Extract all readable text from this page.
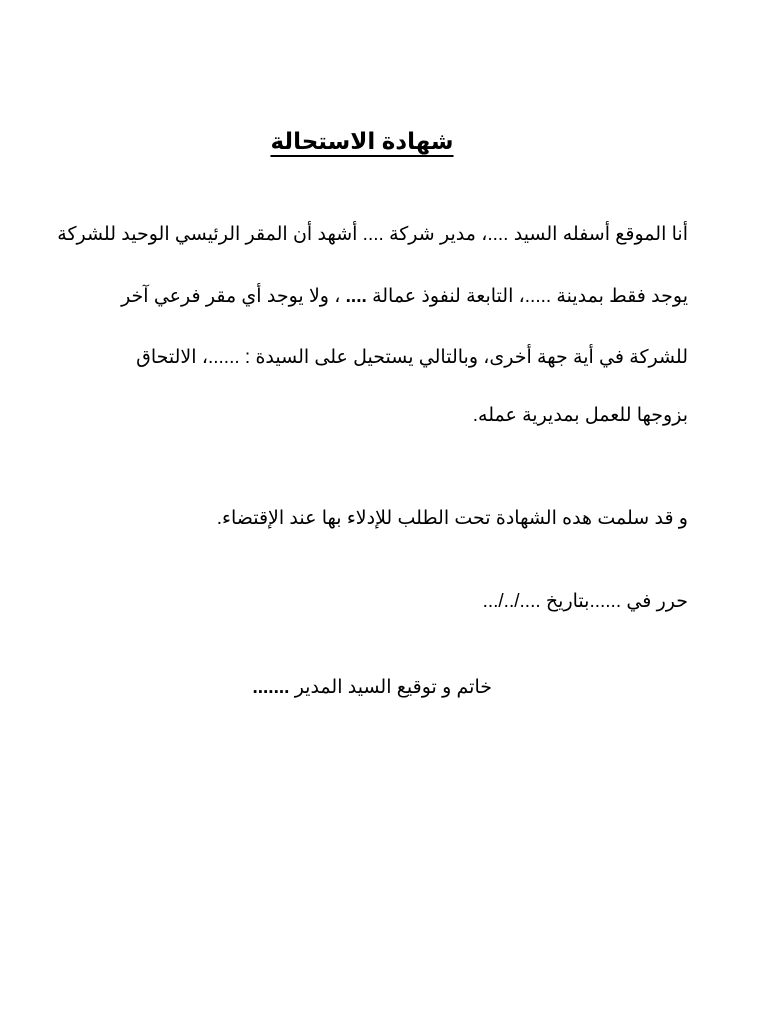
شهادة الاستحالة

أنا الموقع أسفله السيد ....، مدير شركة .... أشهد أن المقر الرئيسي الوحيد للشركة

يوجد فقط بمدينة .....، التابعة لنفوذ عمالة .... ، ولا يوجد أي مقر فرعي آخر

للشركة في أية جهة أخرى، وبالتالي يستحيل على السيدة : ......، الالتحاق

بزوجها للعمل بمديرية عمله.

و قد سلمت هده الشهادة تحت الطلب للإدلاء بها عند الإقتضاء.

حرر في ......بتاريخ ..../../...

خاتم و توقيع السيد المدير .......
